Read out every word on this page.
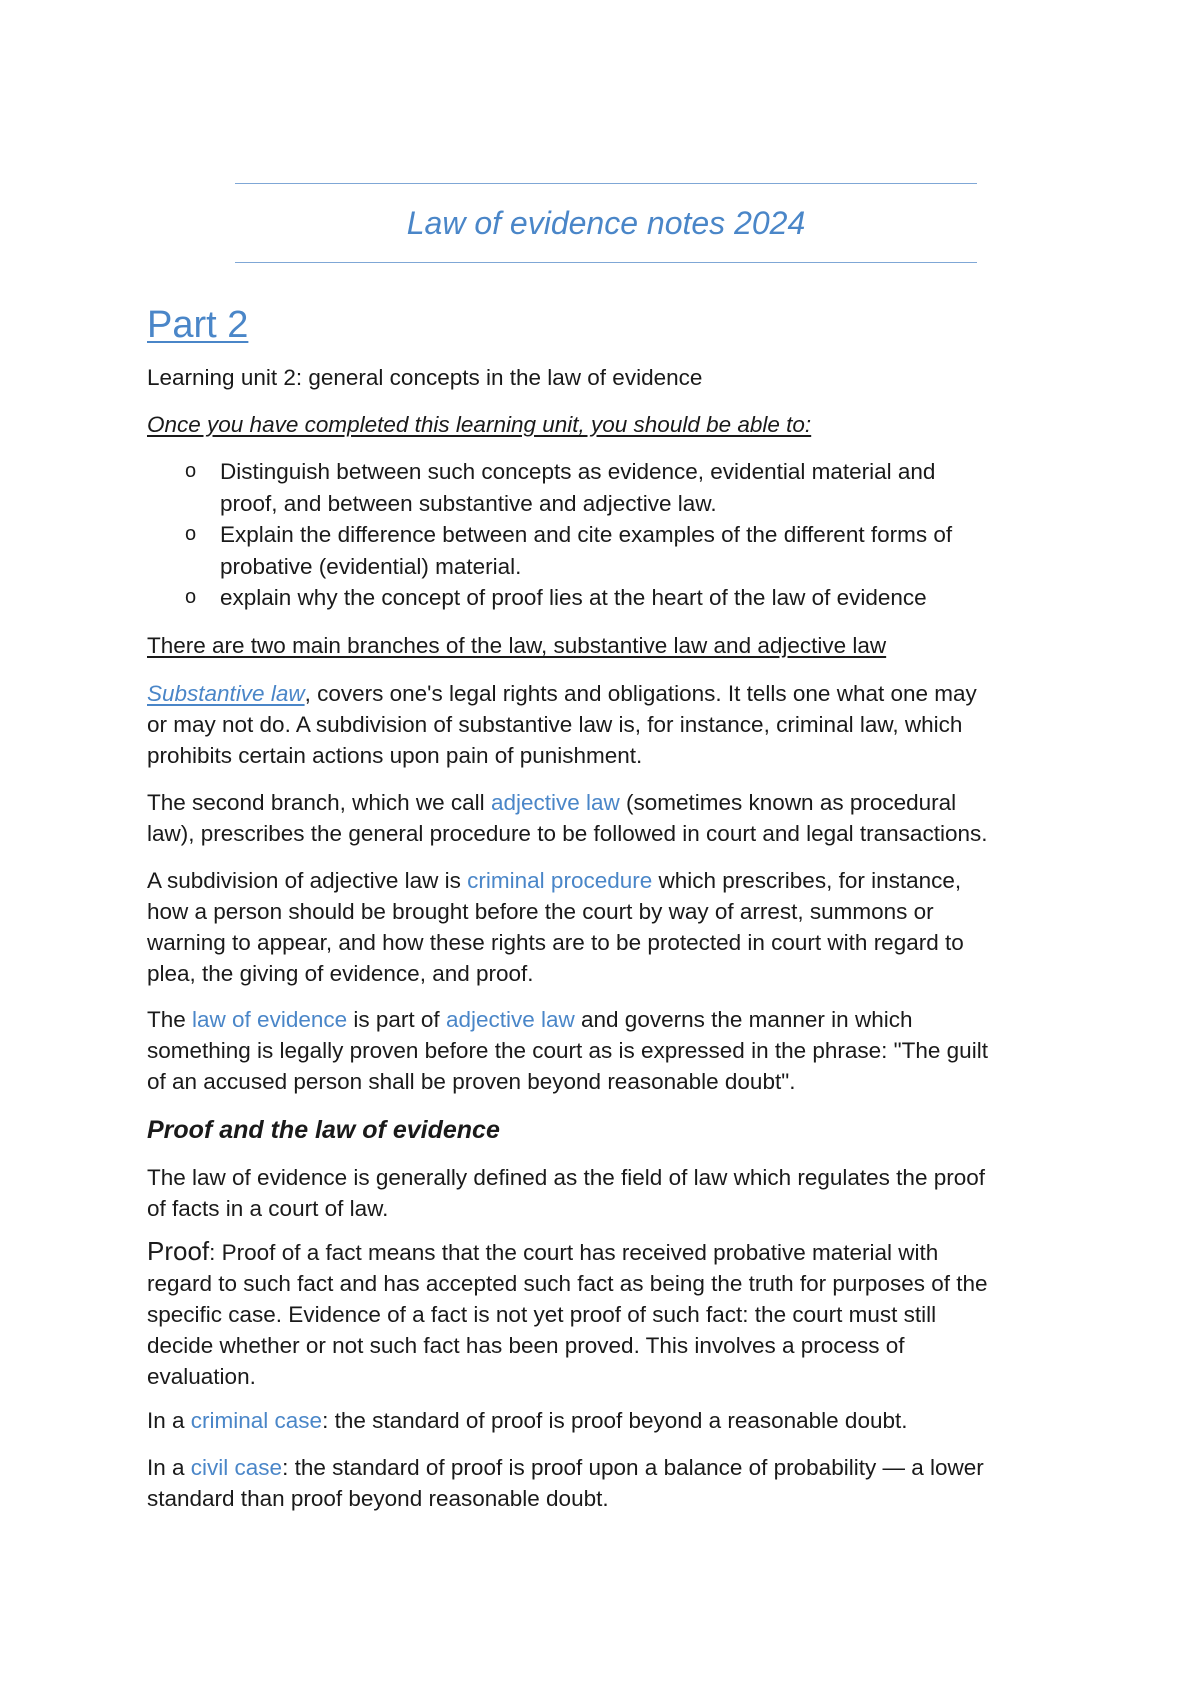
Law of evidence notes 2024
Part 2

Learning unit 2: general concepts in the law of evidence

Once you have completed this learning unit, you should be able to:

o Distinguish between such concepts as evidence, evidential material and
proof, and between substantive and adjective law.
o Explain the difference between and cite examples of the different forms of
probative (evidential) material.
o explain why the concept of proof lies at the heart of the law of evidence

There are two main branches of the law, substantive law and adjective law

Substantive law, covers one's legal rights and obligations. It tells one what one may
or may not do. A subdivision of substantive law is, for instance, criminal law, which
prohibits certain actions upon pain of punishment.

The second branch, which we call adjective law (sometimes known as procedural
law), prescribes the general procedure to be followed in court and legal transactions.

A subdivision of adjective law is criminal procedure which prescribes, for instance,
how a person should be brought before the court by way of arrest, summons or
warning to appear, and how these rights are to be protected in court with regard to
plea, the giving of evidence, and proof.

The law of evidence is part of adjective law and governs the manner in which
something is legally proven before the court as is expressed in the phrase: "The guilt
of an accused person shall be proven beyond reasonable doubt".

Proof and the law of evidence

The law of evidence is generally defined as the field of law which regulates the proof
of facts in a court of law.

Proof: Proof of a fact means that the court has received probative material with
regard to such fact and has accepted such fact as being the truth for purposes of the
specific case. Evidence of a fact is not yet proof of such fact: the court must still
decide whether or not such fact has been proved. This involves a process of
evaluation.

In a criminal case: the standard of proof is proof beyond a reasonable doubt.

In a civil case: the standard of proof is proof upon a balance of probability — a lower
standard than proof beyond reasonable doubt.
